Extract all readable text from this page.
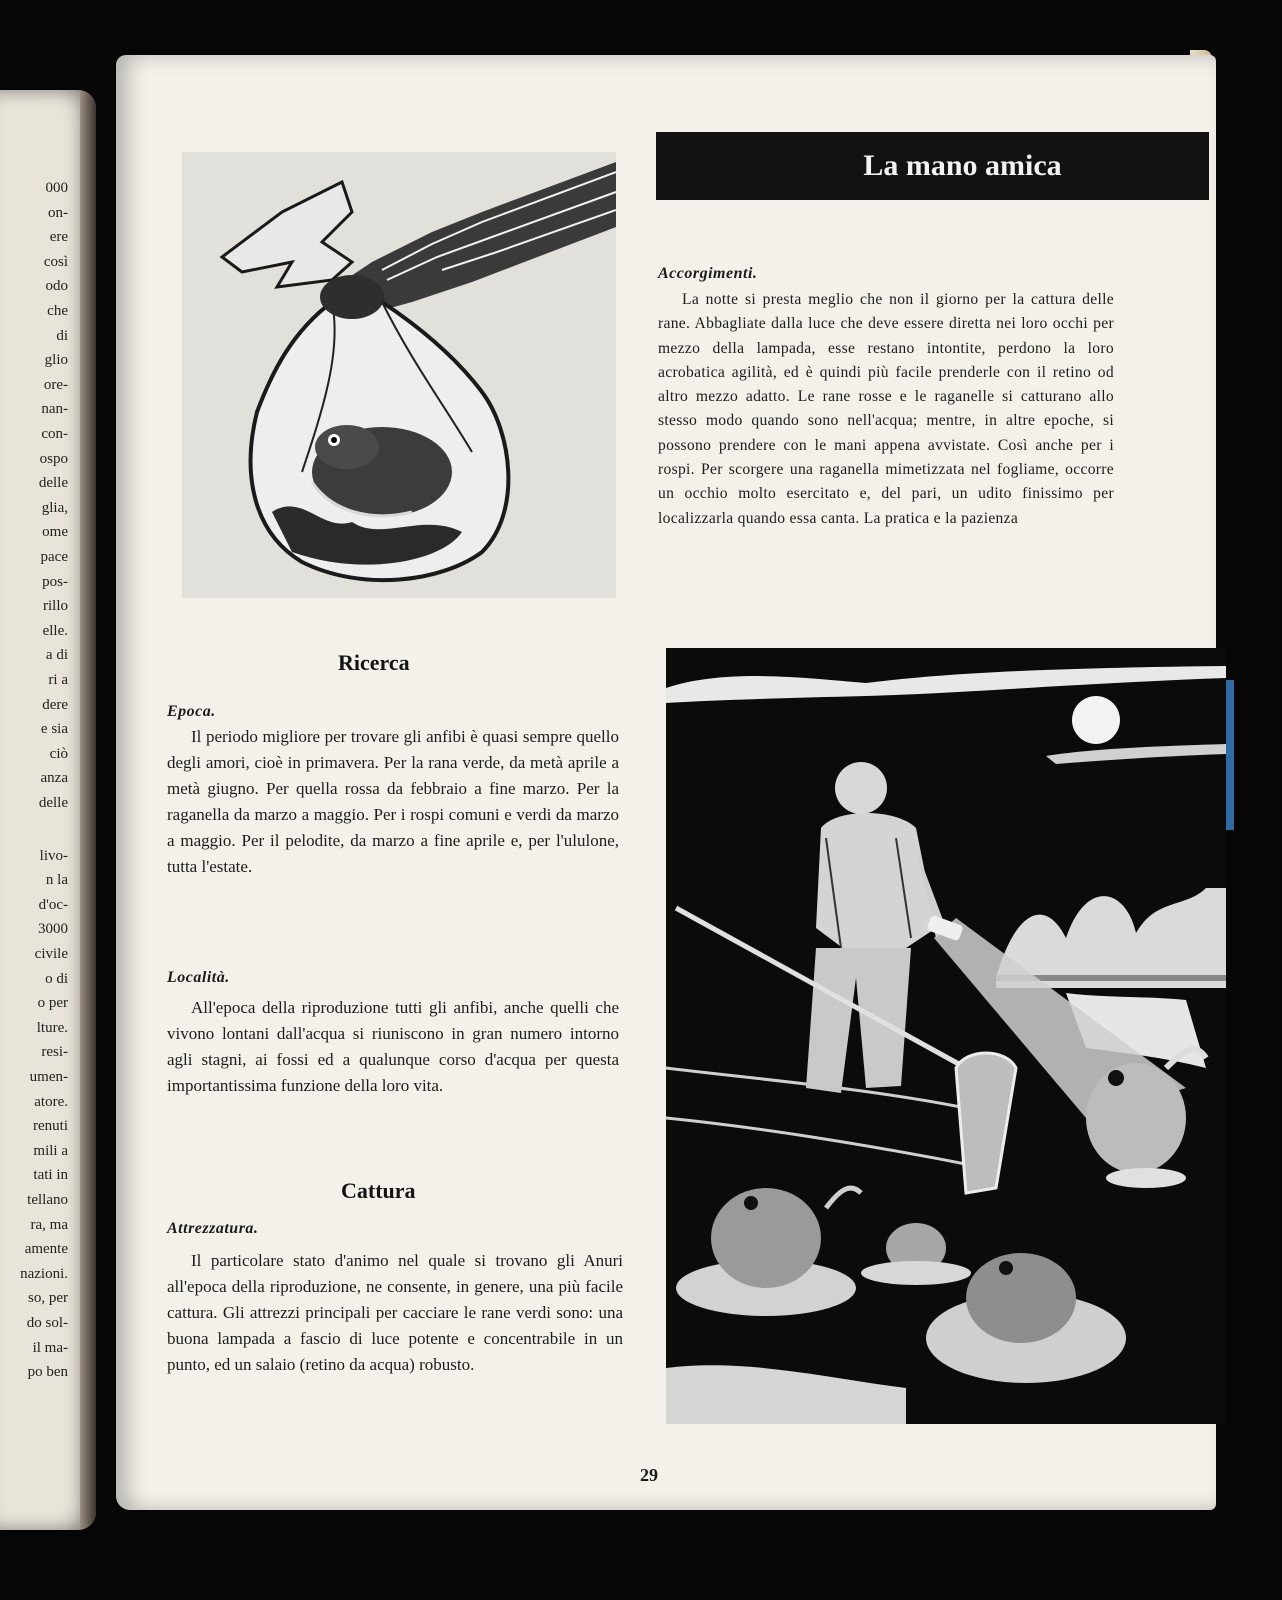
000
on-
ere
così
odo
che
di
glio
ore-
nan-
con-
ospo
delle
glia,
ome
pace
pos-
rillo
elle.
a di
ri a
dere
e sia
ciò
anza
delle
livo-
n la
d'oc-
3000
civile
o di
o per
lture.
resi-
umen-
atore.
renuti
mili a
tati in
tellano
ra, ma
amente
nazioni.
so, per
do sol-
il ma-
po ben
La mano amica
Accorgimenti.

La notte si presta meglio che non il giorno per la cattura delle rane. Abbagliate dalla luce che deve essere diretta nei loro occhi per mezzo della lampada, esse restano intontite, perdono la loro acrobatica agilità, ed è quindi più facile prenderle con il retino od altro mezzo adatto. Le rane rosse e le raganelle si catturano allo stesso modo quando sono nell'acqua; mentre, in altre epoche, si possono prendere con le mani appena avvistate. Così anche per i rospi. Per scorgere una raganella mimetizzata nel fogliame, occorre un occhio molto esercitato e, del pari, un udito finissimo per localizzarla quando essa canta. La pratica e la pazienza

Ricerca
Epoca.

Il periodo migliore per trovare gli anfibi è quasi sempre quello degli amori, cioè in primavera. Per la rana verde, da metà aprile a metà giugno. Per quella rossa da febbraio a fine marzo. Per la raganella da marzo a maggio. Per i rospi comuni e verdi da marzo a maggio. Per il pelodite, da marzo a fine aprile e, per l'ululone, tutta l'estate.

Località.

All'epoca della riproduzione tutti gli anfibi, anche quelli che vivono lontani dall'acqua si riuniscono in gran numero intorno agli stagni, ai fossi ed a qualunque corso d'acqua per questa importantissima funzione della loro vita.

Cattura
Attrezzatura.

Il particolare stato d'animo nel quale si trovano gli Anuri all'epoca della riproduzione, ne consente, in genere, una più facile cattura. Gli attrezzi principali per cacciare le rane verdi sono: una buona lampada a fascio di luce potente e concentrabile in un punto, ed un salaio (retino da acqua) robusto.

29
